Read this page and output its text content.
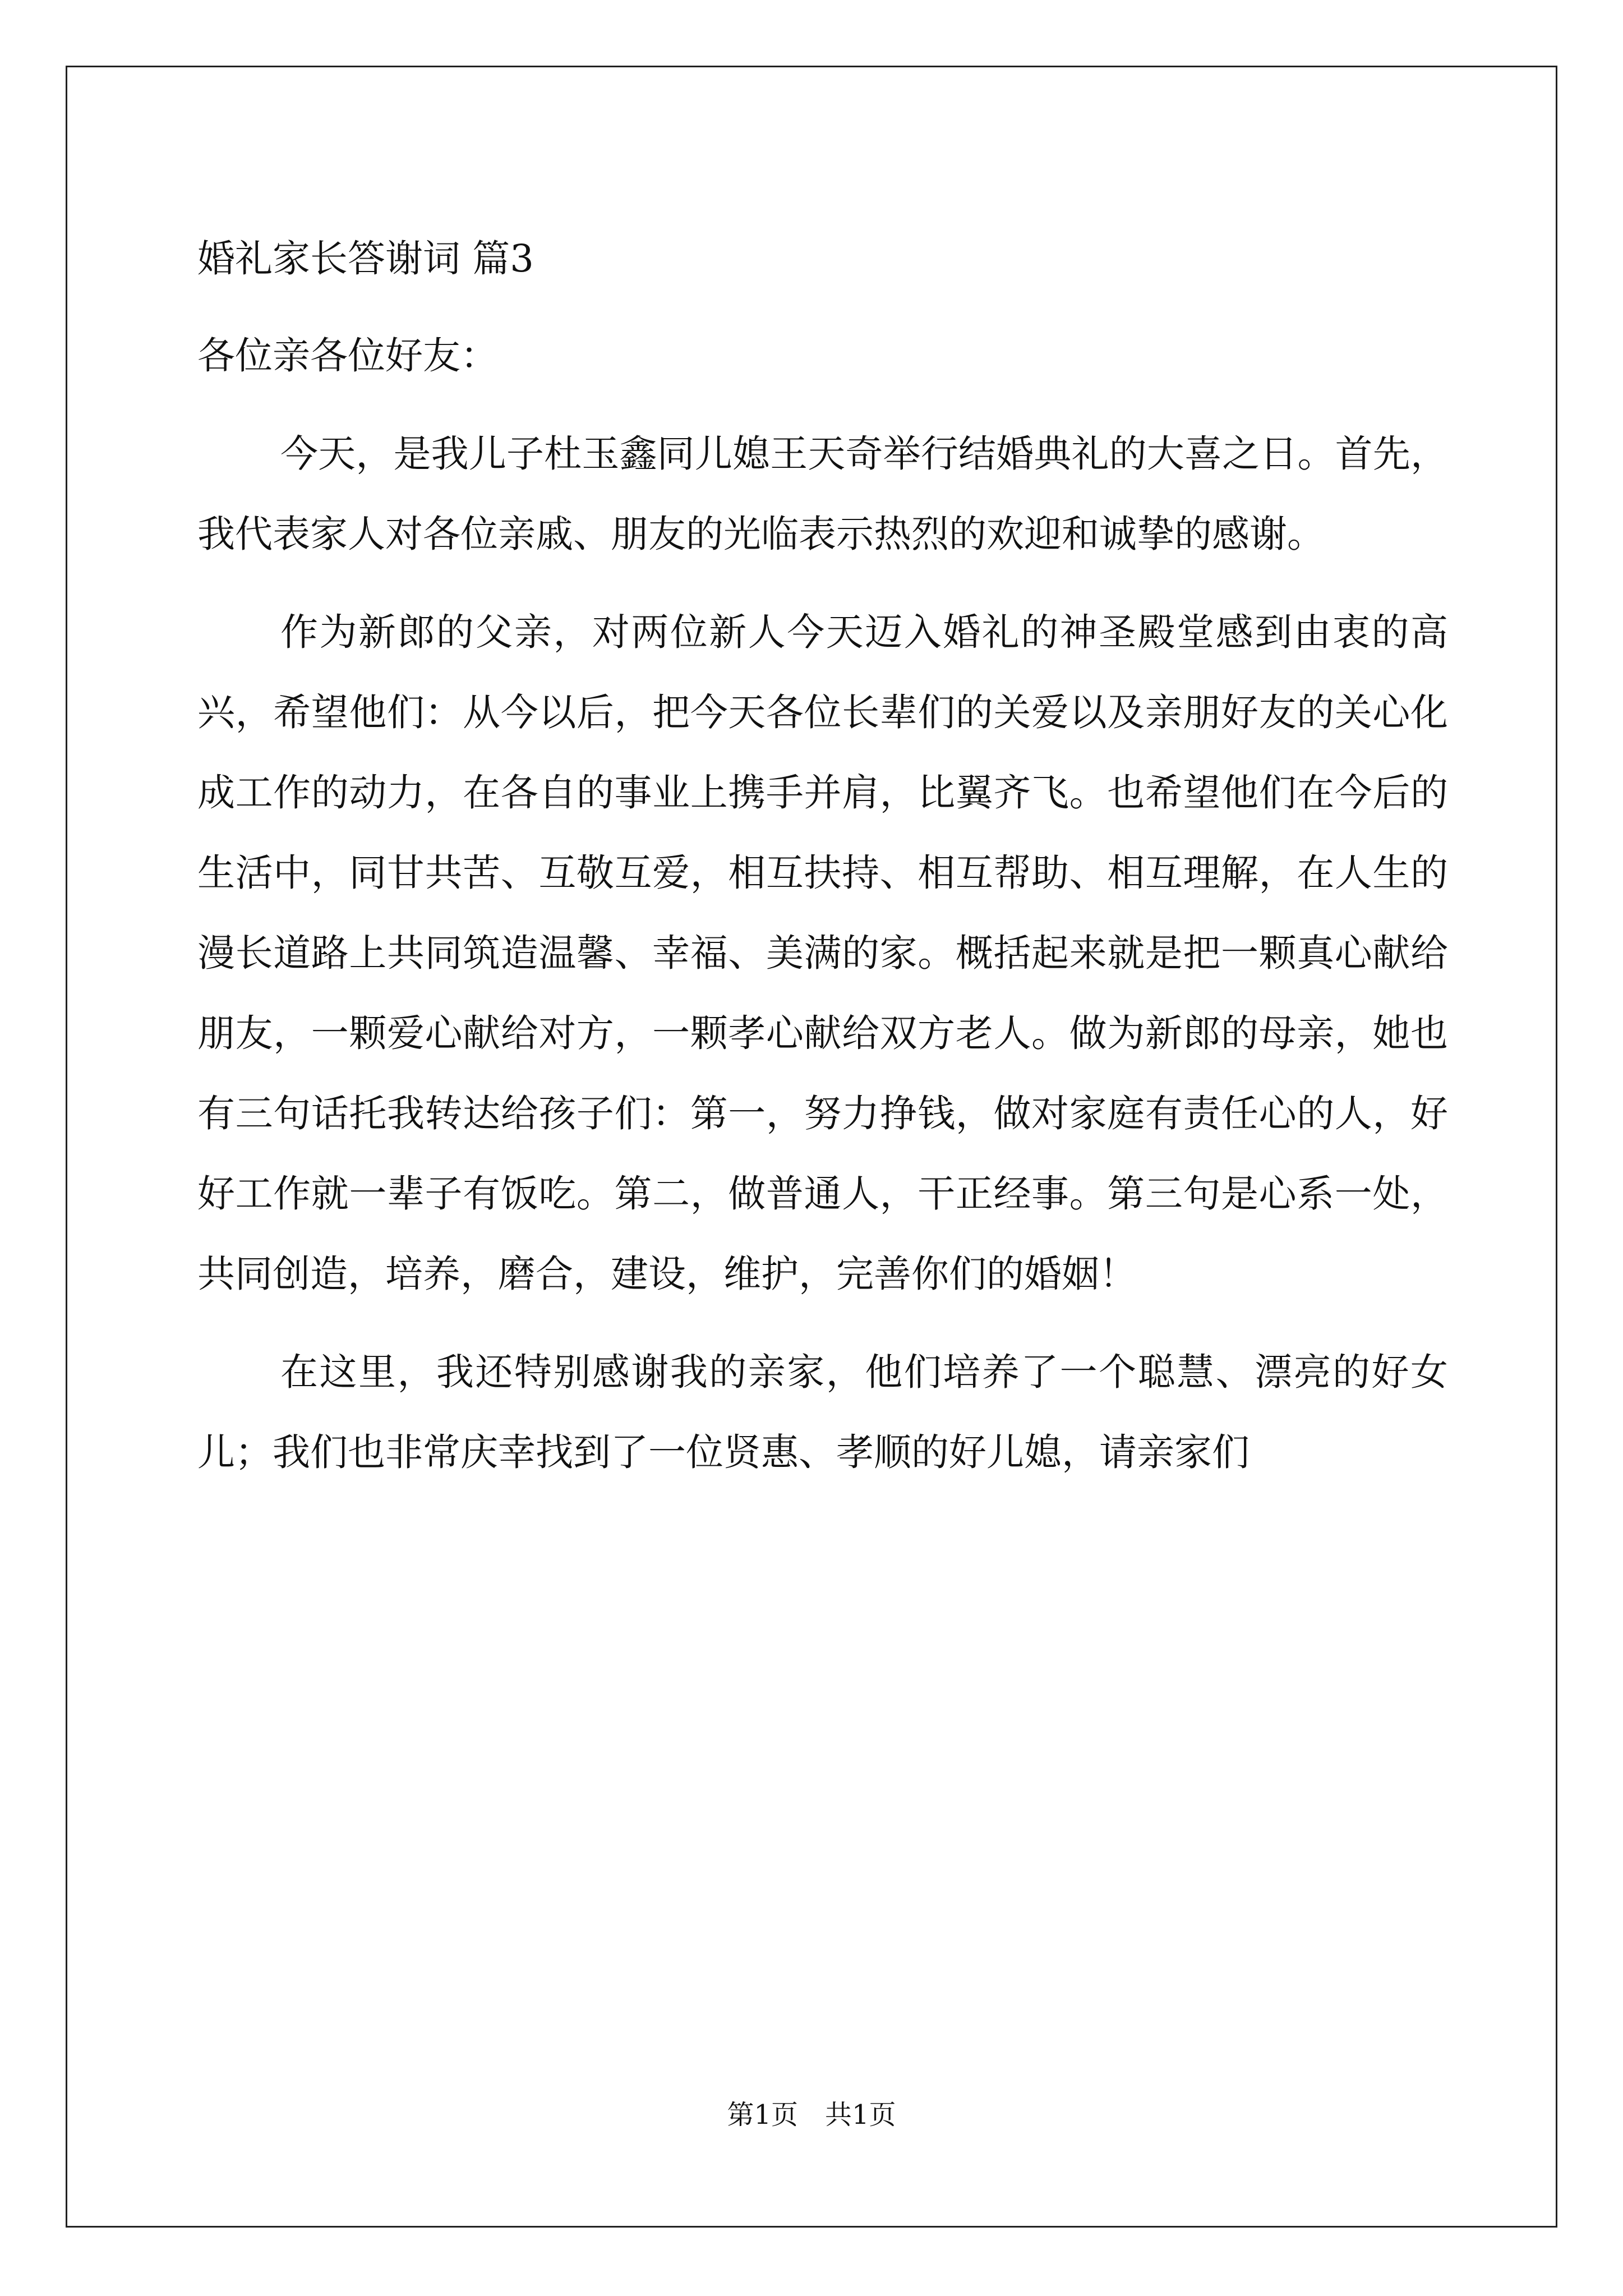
婚礼家长答谢词 篇3

各位亲各位好友：

今天，是我儿子杜玉鑫同儿媳王天奇举行结婚典礼的大喜之日。首先，我代表家人对各位亲戚、朋友的光临表示热烈的欢迎和诚挚的感谢。

作为新郎的父亲，对两位新人今天迈入婚礼的神圣殿堂感到由衷的高兴，希望他们：从今以后，把今天各位长辈们的关爱以及亲朋好友的关心化成工作的动力，在各自的事业上携手并肩，比翼齐飞。也希望他们在今后的生活中，同甘共苦、互敬互爱，相互扶持、相互帮助、相互理解，在人生的漫长道路上共同筑造温馨、幸福、美满的家。概括起来就是把一颗真心献给朋友，一颗爱心献给对方，一颗孝心献给双方老人。做为新郎的母亲，她也有三句话托我转达给孩子们：第一，努力挣钱，做对家庭有责任心的人，好好工作就一辈子有饭吃。第二，做普通人，干正经事。第三句是心系一处，共同创造，培养，磨合，建设，维护，完善你们的婚姻！

在这里，我还特别感谢我的亲家，他们培养了一个聪慧、漂亮的好女儿；我们也非常庆幸找到了一位贤惠、孝顺的好儿媳，请亲家们

第1页 共1页
